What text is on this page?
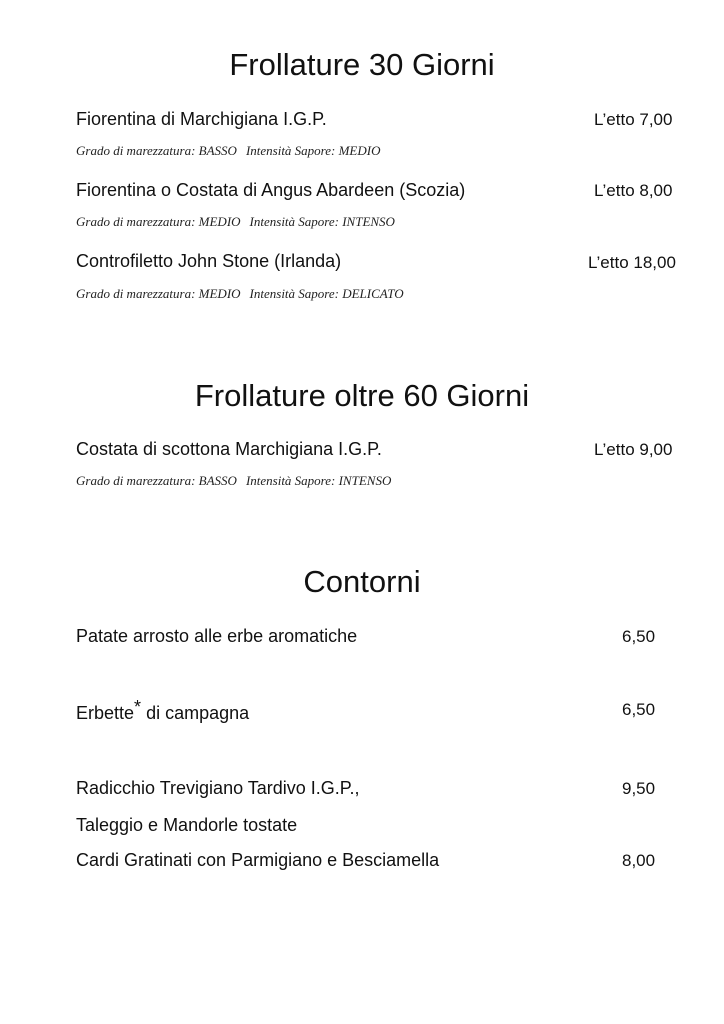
Frollature 30 Giorni
Fiorentina di Marchigiana I.G.P.	L’etto 7,00
Grado di marezzatura: BASSO Intensità Sapore: MEDIO
Fiorentina o Costata di Angus Abardeen (Scozia)	L’etto 8,00
Grado di marezzatura: MEDIO Intensità Sapore: INTENSO
Controfiletto John Stone (Irlanda)	L’etto 18,00
Grado di marezzatura: MEDIO Intensità Sapore: DELICATO
Frollature oltre 60 Giorni
Costata di scottona Marchigiana I.G.P.	L’etto 9,00
Grado di marezzatura: BASSO Intensità Sapore: INTENSO
Contorni
Patate arrosto alle erbe aromatiche	6,50
Erbette* di campagna	6,50
Radicchio Trevigiano Tardivo I.G.P.,	9,50
Taleggio e Mandorle tostate
Cardi Gratinati con Parmigiano e Besciamella	8,00
